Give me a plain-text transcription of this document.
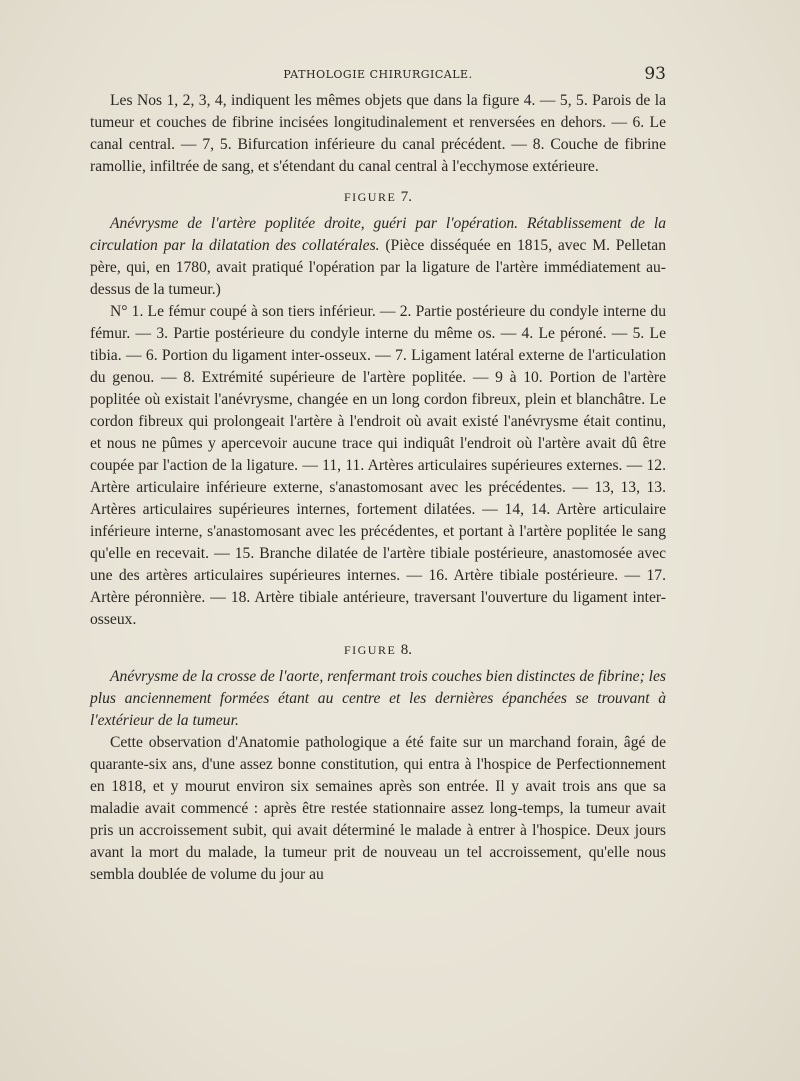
PATHOLOGIE CHIRURGICALE.	93

Les Nos 1, 2, 3, 4, indiquent les mêmes objets que dans la figure 4. — 5, 5. Parois de la tumeur et couches de fibrine incisées longitudinalement et renversées en dehors. — 6. Le canal central. — 7, 5. Bifurcation inférieure du canal précédent. — 8. Couche de fibrine ramollie, infiltrée de sang, et s'étendant du canal central à l'ecchymose extérieure.

FIGURE 7.

Anévrysme de l'artère poplitée droite, guéri par l'opération. Rétablissement de la circulation par la dilatation des collatérales. (Pièce disséquée en 1815, avec M. Pelletan père, qui, en 1780, avait pratiqué l'opération par la ligature de l'artère immédiatement au-dessus de la tumeur.)

N° 1. Le fémur coupé à son tiers inférieur. — 2. Partie postérieure du condyle interne du fémur. — 3. Partie postérieure du condyle interne du même os. — 4. Le péroné. — 5. Le tibia. — 6. Portion du ligament inter-osseux. — 7. Ligament latéral externe de l'articulation du genou. — 8. Extrémité supérieure de l'artère poplitée. — 9 à 10. Portion de l'artère poplitée où existait l'anévrysme, changée en un long cordon fibreux, plein et blanchâtre. Le cordon fibreux qui prolongeait l'artère à l'endroit où avait existé l'anévrysme était continu, et nous ne pûmes y apercevoir aucune trace qui indiquât l'endroit où l'artère avait dû être coupée par l'action de la ligature. — 11, 11. Artères articulaires supérieures externes. — 12. Artère articulaire inférieure externe, s'anastomosant avec les précédentes. — 13, 13, 13. Artères articulaires supérieures internes, fortement dilatées. — 14, 14. Artère articulaire inférieure interne, s'anastomosant avec les précédentes, et portant à l'artère poplitée le sang qu'elle en recevait. — 15. Branche dilatée de l'artère tibiale postérieure, anastomosée avec une des artères articulaires supérieures internes. — 16. Artère tibiale postérieure. — 17. Artère péronnière. — 18. Artère tibiale antérieure, traversant l'ouverture du ligament inter-osseux.

FIGURE 8.

Anévrysme de la crosse de l'aorte, renfermant trois couches bien distinctes de fibrine; les plus anciennement formées étant au centre et les dernières épanchées se trouvant à l'extérieur de la tumeur.

Cette observation d'Anatomie pathologique a été faite sur un marchand forain, âgé de quarante-six ans, d'une assez bonne constitution, qui entra à l'hospice de Perfectionnement en 1818, et y mourut environ six semaines après son entrée. Il y avait trois ans que sa maladie avait commencé : après être restée stationnaire assez long-temps, la tumeur avait pris un accroissement subit, qui avait déterminé le malade à entrer à l'hospice. Deux jours avant la mort du malade, la tumeur prit de nouveau un tel accroissement, qu'elle nous sembla doublée de volume du jour au
